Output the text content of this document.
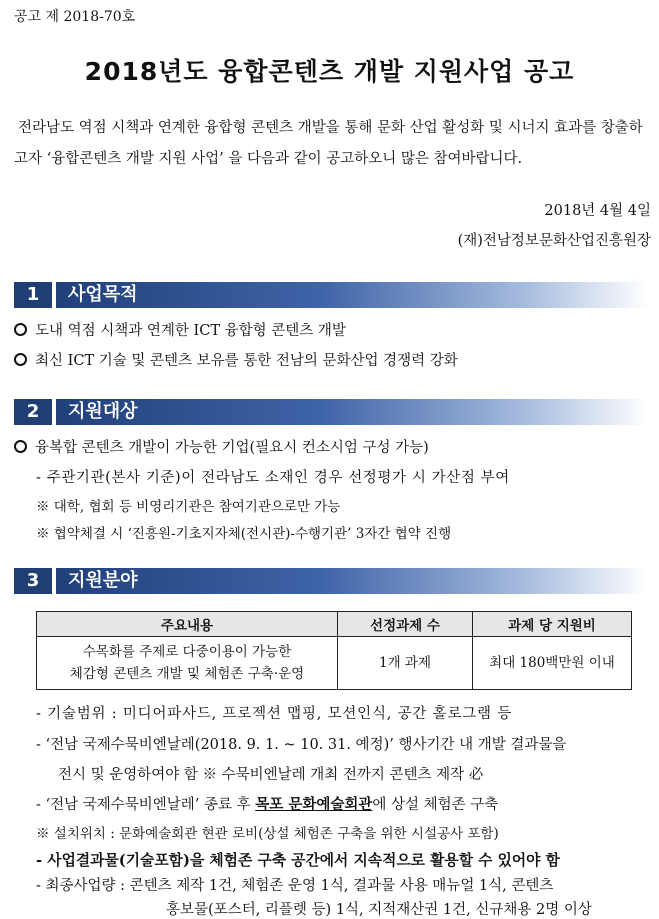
공고 제 2018-70호
2018년도 융합콘텐츠 개발 지원사업 공고
전라남도 역점 시책과 연계한 융합형 콘텐츠 개발을 통해 문화 산업 활성화 및 시너지 효과를 창출하고자 ‘융합콘텐츠 개발 지원 사업’ 을 다음과 같이 공고하오니 많은 참여바랍니다.
2018년 4월 4일
(재)전남정보문화산업진흥원장
1	사업목적
도내 역점 시책과 연계한 ICT 융합형 콘텐츠 개발
최신 ICT 기술 및 콘텐츠 보유를 통한 전남의 문화산업 경쟁력 강화
2	지원대상
융복합 콘텐츠 개발이 가능한 기업(필요시 컨소시엄 구성 가능)
- 주관기관(본사 기준)이 전라남도 소재인 경우 선정평가 시 가산점 부여
※ 대학, 협회 등 비영리기관은 참여기관으로만 가능
※ 협약체결 시 ‘진흥원-기초지자체(전시관)-수행기관’ 3자간 협약 진행
3	지원분야
주요내용	선정과제 수	과제 당 지원비

수목화를 주제로 다중이용이 가능한
체감형 콘텐츠 개발 및 체험존 구축·운영	1개 과제	최대 180백만원 이내
- 기술범위 : 미디어파사드, 프로젝션 맵핑, 모션인식, 공간 홀로그램 등
- ‘전남 국제수묵비엔날레(2018. 9. 1. ~ 10. 31. 예정)’ 행사기간 내 개발 결과물을
전시 및 운영하여야 함 ※ 수묵비엔날레 개최 전까지 콘텐츠 제작 必
- ‘전남 국제수묵비엔날레’ 종료 후 목포 문화예술회관에 상설 체험존 구축
※ 설치위치 : 문화예술회관 현관 로비(상설 체험존 구축을 위한 시설공사 포함)
- 사업결과물(기술포함)을 체험존 구축 공간에서 지속적으로 활용할 수 있어야 함
- 최종사업량 : 콘텐츠 제작 1건, 체험존 운영 1식, 결과물 사용 매뉴얼 1식, 콘텐츠
홍보물(포스터, 리플렛 등) 1식, 지적재산권 1건, 신규채용 2명 이상
